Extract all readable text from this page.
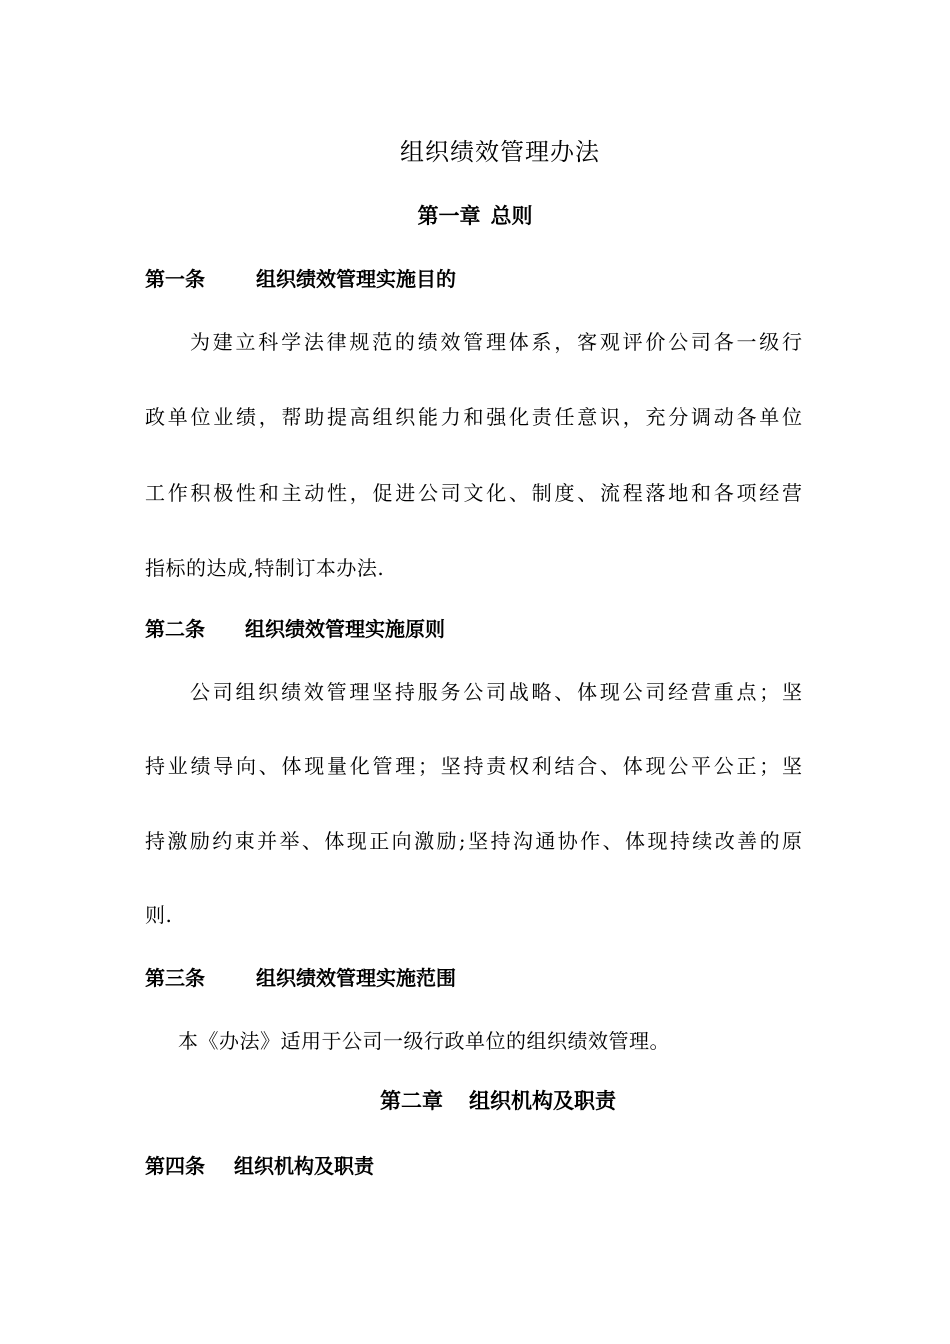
组织绩效管理办法
第一章 总则
第一条	组织绩效管理实施目的
为建立科学法律规范的绩效管理体系，客观评价公司各一级行
政单位业绩，帮助提高组织能力和强化责任意识，充分调动各单位
工作积极性和主动性，促进公司文化、制度、流程落地和各项经营
指标的达成,特制订本办法.
第二条 组织绩效管理实施原则
公司组织绩效管理坚持服务公司战略、体现公司经营重点；坚
持业绩导向、体现量化管理；坚持责权利结合、体现公平公正；坚
持激励约束并举、体现正向激励;坚持沟通协作、体现持续改善的原
则.
第三条	组织绩效管理实施范围
本《办法》适用于公司一级行政单位的组织绩效管理。
第二章 组织机构及职责
第四条 组织机构及职责
